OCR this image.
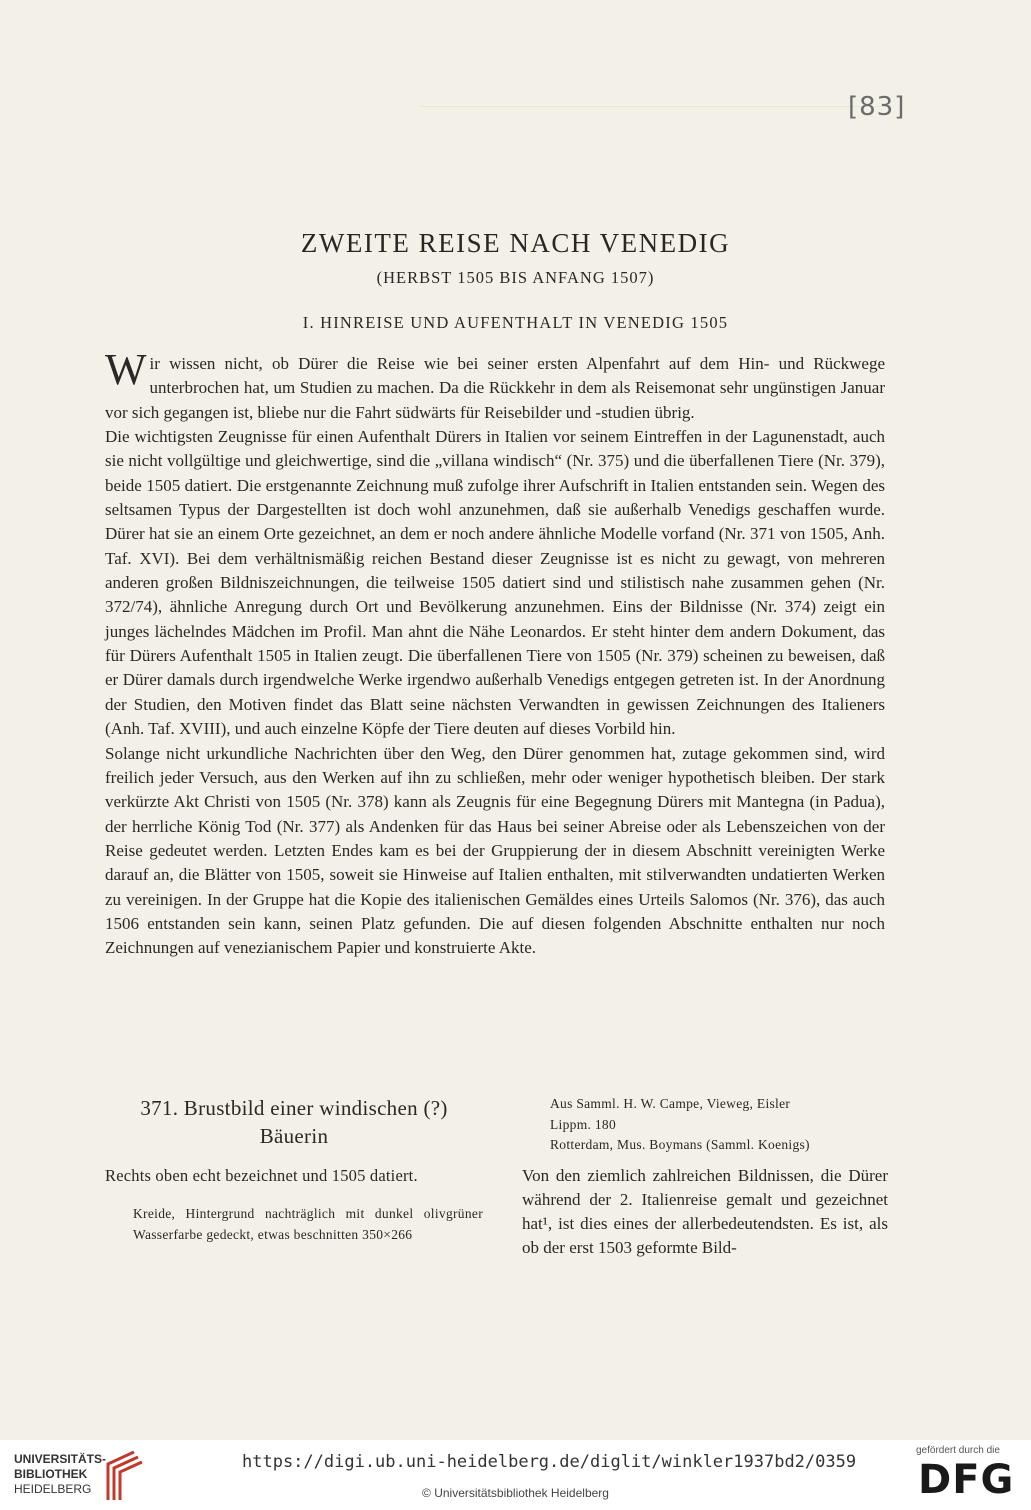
[83]
ZWEITE REISE NACH VENEDIG
(HERBST 1505 BIS ANFANG 1507)
I. HINREISE UND AUFENTHALT IN VENEDIG 1505

Wir wissen nicht, ob Dürer die Reise wie bei seiner ersten Alpenfahrt auf dem Hin- und Rückwege unterbrochen hat, um Studien zu machen. Da die Rückkehr in dem als Reisemonat sehr ungünstigen Januar vor sich gegangen ist, bliebe nur die Fahrt südwärts für Reisebilder und -studien übrig.

Die wichtigsten Zeugnisse für einen Aufenthalt Dürers in Italien vor seinem Eintreffen in der Lagunenstadt, auch sie nicht vollgültige und gleichwertige, sind die „villana windisch“ (Nr. 375) und die überfallenen Tiere (Nr. 379), beide 1505 datiert. Die erstgenannte Zeichnung muß zufolge ihrer Aufschrift in Italien entstanden sein. Wegen des seltsamen Typus der Dargestellten ist doch wohl anzunehmen, daß sie außerhalb Venedigs geschaffen wurde. Dürer hat sie an einem Orte gezeichnet, an dem er noch andere ähnliche Modelle vorfand (Nr. 371 von 1505, Anh. Taf. XVI). Bei dem verhältnismäßig reichen Bestand dieser Zeugnisse ist es nicht zu gewagt, von mehreren anderen großen Bildniszeichnungen, die teilweise 1505 datiert sind und stilistisch nahe zusammen gehen (Nr. 372/74), ähnliche Anregung durch Ort und Bevölkerung anzunehmen. Eins der Bildnisse (Nr. 374) zeigt ein junges lächelndes Mädchen im Profil. Man ahnt die Nähe Leonardos. Er steht hinter dem andern Dokument, das für Dürers Aufenthalt 1505 in Italien zeugt. Die überfallenen Tiere von 1505 (Nr. 379) scheinen zu beweisen, daß er Dürer damals durch irgendwelche Werke irgendwo außerhalb Venedigs entgegen getreten ist. In der Anordnung der Studien, den Motiven findet das Blatt seine nächsten Verwandten in gewissen Zeichnungen des Italieners (Anh. Taf. XVIII), und auch einzelne Köpfe der Tiere deuten auf dieses Vorbild hin.

Solange nicht urkundliche Nachrichten über den Weg, den Dürer genommen hat, zutage gekommen sind, wird freilich jeder Versuch, aus den Werken auf ihn zu schließen, mehr oder weniger hypothetisch bleiben. Der stark verkürzte Akt Christi von 1505 (Nr. 378) kann als Zeugnis für eine Begegnung Dürers mit Mantegna (in Padua), der herrliche König Tod (Nr. 377) als Andenken für das Haus bei seiner Abreise oder als Lebenszeichen von der Reise gedeutet werden. Letzten Endes kam es bei der Gruppierung der in diesem Abschnitt vereinigten Werke darauf an, die Blätter von 1505, soweit sie Hinweise auf Italien enthalten, mit stilverwandten undatierten Werken zu vereinigen. In der Gruppe hat die Kopie des italienischen Gemäldes eines Urteils Salomos (Nr. 376), das auch 1506 entstanden sein kann, seinen Platz gefunden. Die auf diesen folgenden Abschnitte enthalten nur noch Zeichnungen auf venezianischem Papier und konstruierte Akte.

371. Brustbild einer windischen (?)
Bäuerin
Rechts oben echt bezeichnet und 1505 datiert.
Kreide, Hintergrund nachträglich mit dunkel olivgrüner Wasserfarbe gedeckt, etwas beschnitten 350×266
Aus Samml. H. W. Campe, Vieweg, Eisler
Lippm. 180
Rotterdam, Mus. Boymans (Samml. Koenigs)
Von den ziemlich zahlreichen Bildnissen, die Dürer während der 2. Italienreise gemalt und gezeichnet hat¹, ist dies eines der allerbedeutendsten. Es ist, als ob der erst 1503 geformte Bild-
UNIVERSITÄTS-
BIBLIOTHEK
HEIDELBERG
https://digi.ub.uni-heidelberg.de/diglit/winkler1937bd2/0359
© Universitätsbibliothek Heidelberg
gefördert durch die
DFG
